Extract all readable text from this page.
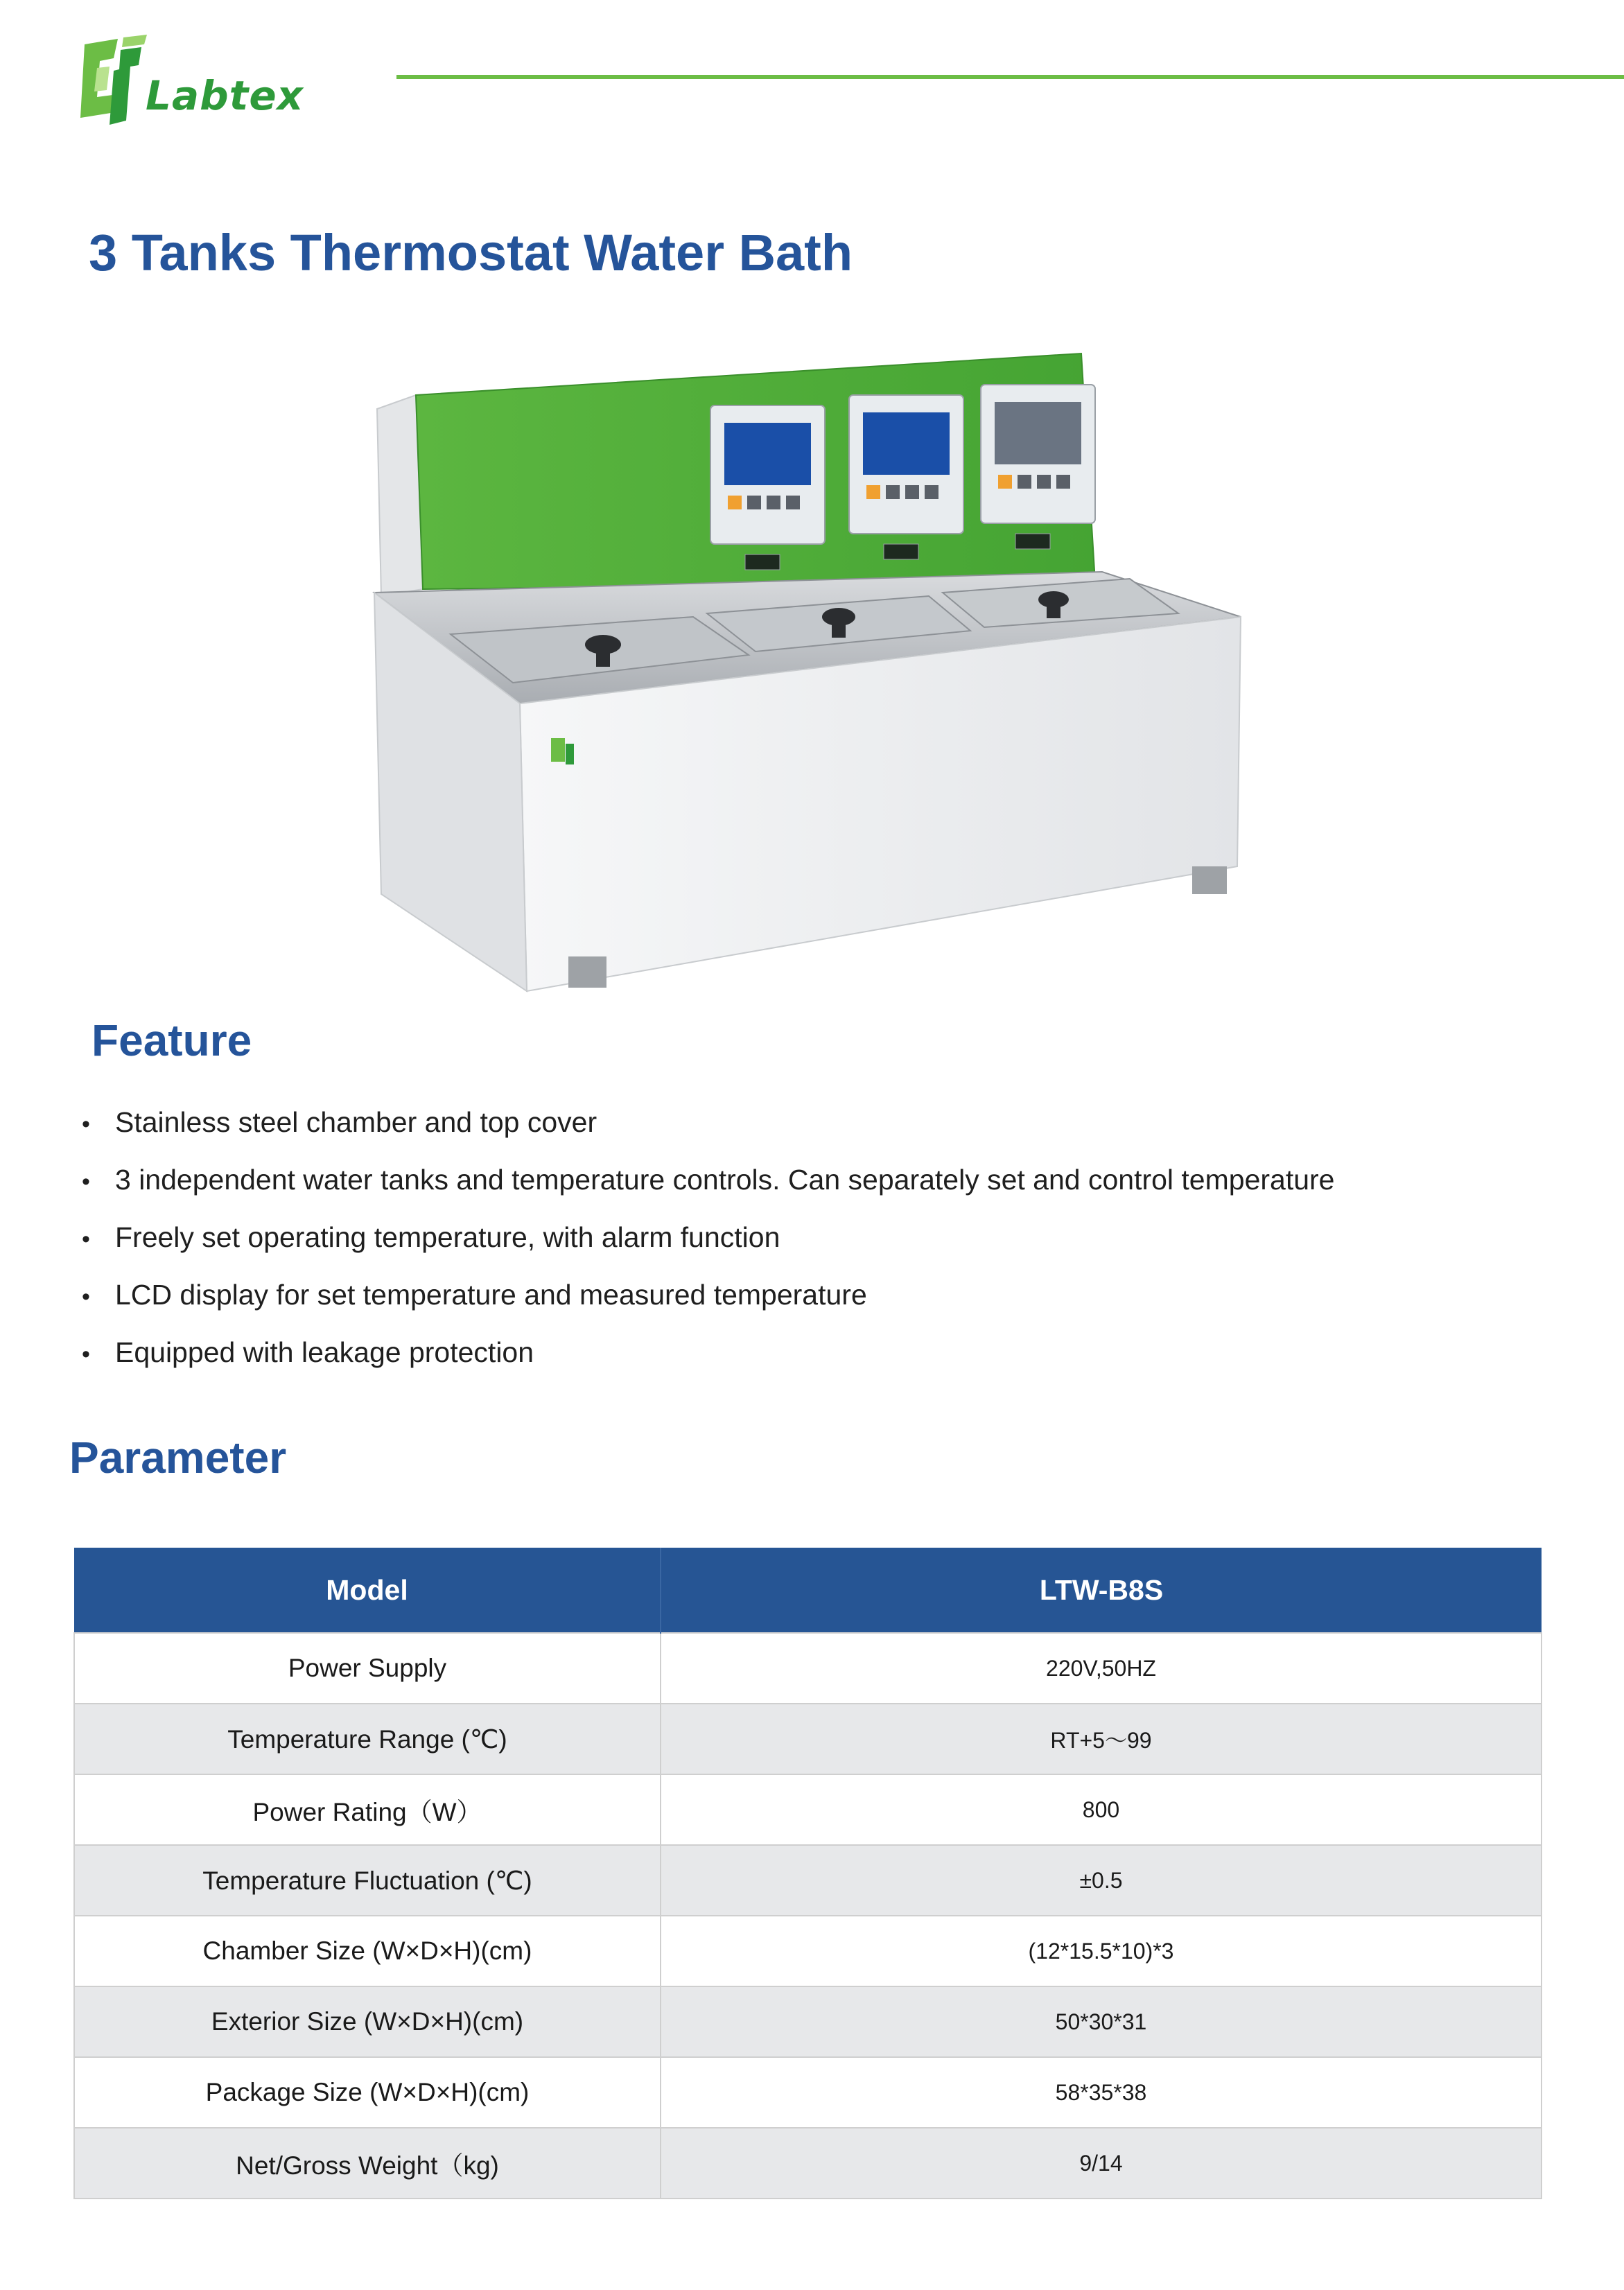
Labtex
3 Tanks Thermostat Water Bath
Feature
• Stainless steel chamber and top cover
• 3 independent water tanks and temperature controls. Can separately set and control temperature
• Freely set operating temperature, with alarm function
• LCD display for set temperature and measured temperature
• Equipped with leakage protection
Parameter
Model	LTW-B8S
Power Supply	220V,50HZ
Temperature Range (℃)	RT+5～99
Power Rating（W）	800
Temperature Fluctuation (℃)	±0.5
Chamber Size (W×D×H)(cm)	(12*15.5*10)*3
Exterior Size (W×D×H)(cm)	50*30*31
Package Size (W×D×H)(cm)	58*35*38
Net/Gross Weight（kg)	9/14
